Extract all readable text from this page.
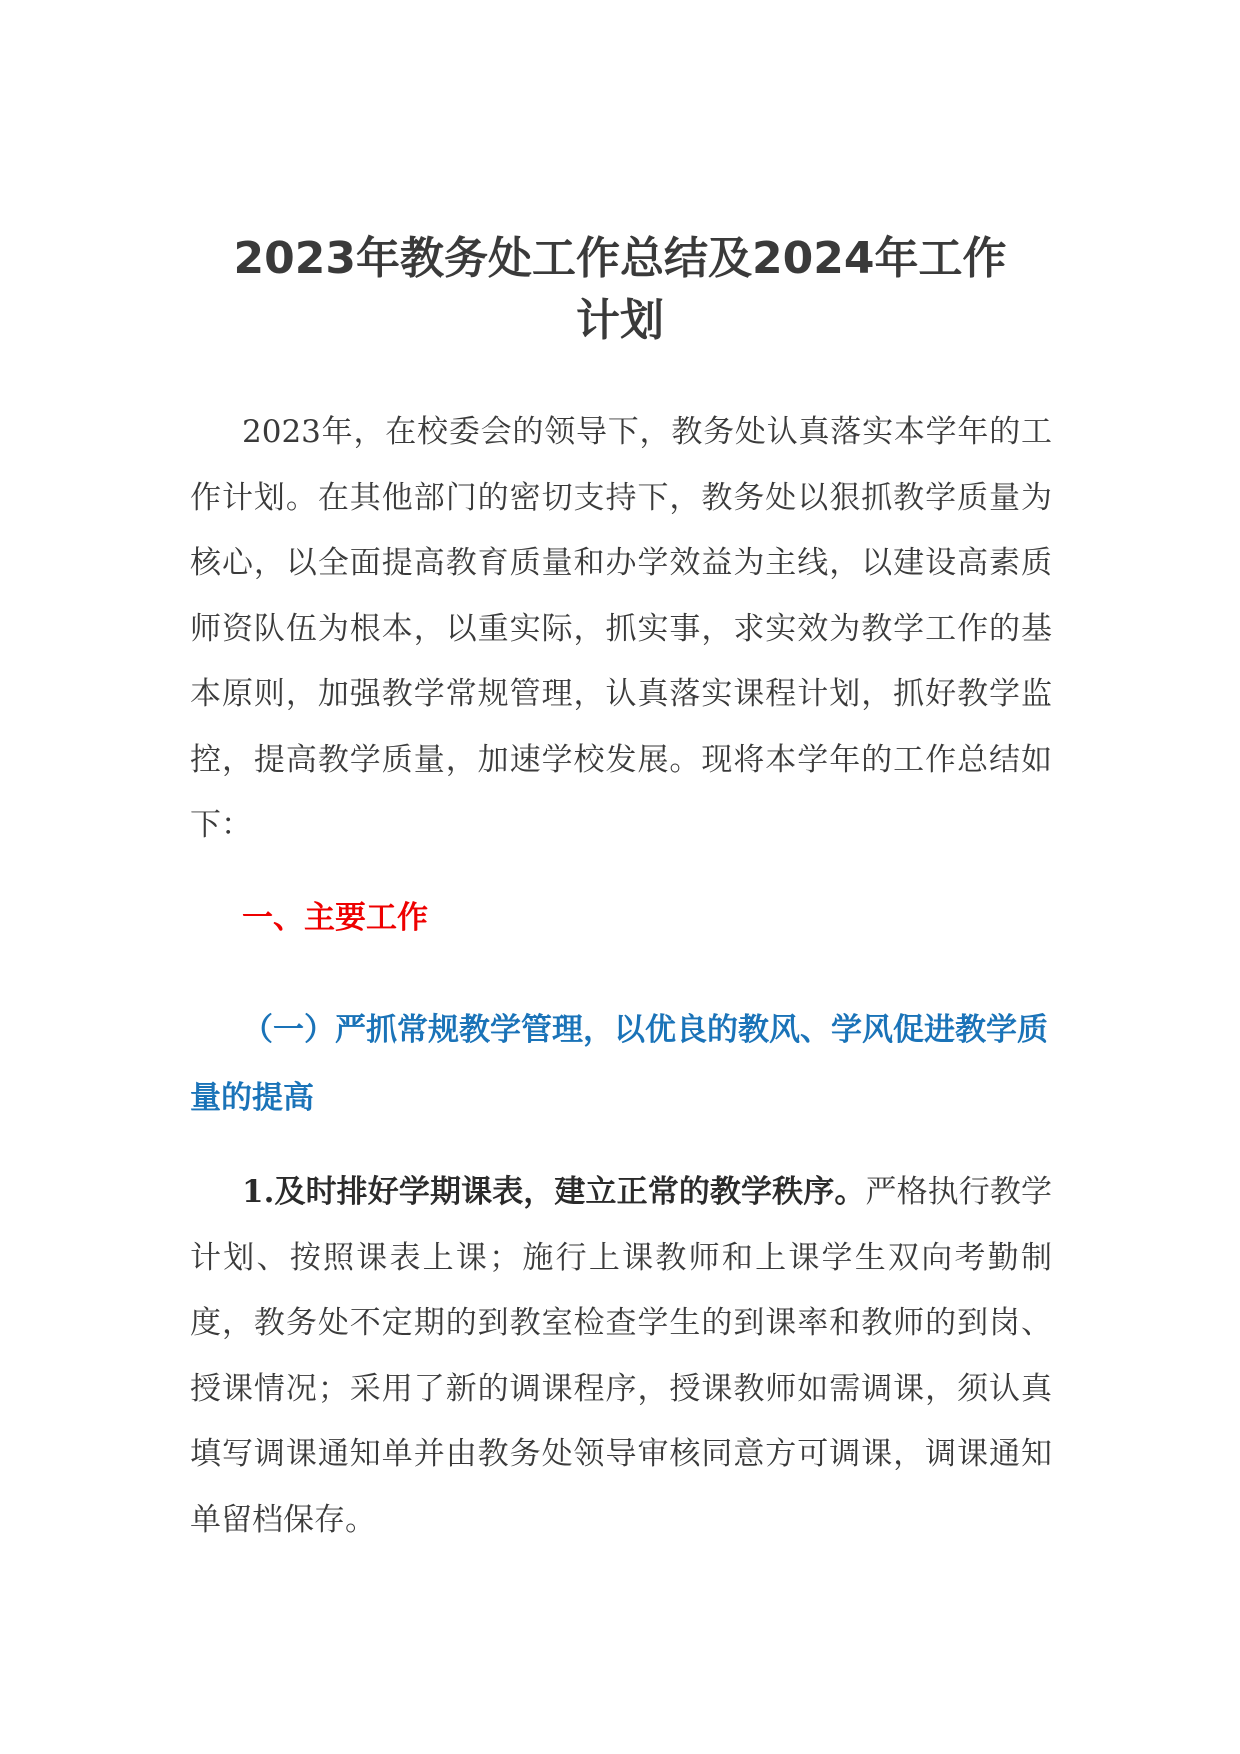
2023年教务处工作总结及2024年工作
计划

2023年，在校委会的领导下，教务处认真落实本学年的工作计划。在其他部门的密切支持下，教务处以狠抓教学质量为核心，以全面提高教育质量和办学效益为主线，以建设高素质师资队伍为根本，以重实际，抓实事，求实效为教学工作的基本原则，加强教学常规管理，认真落实课程计划，抓好教学监控，提高教学质量，加速学校发展。现将本学年的工作总结如下：

一、主要工作
（一）严抓常规教学管理，以优良的教风、学风促进教学质量的提高

1.及时排好学期课表，建立正常的教学秩序。严格执行教学计划、按照课表上课；施行上课教师和上课学生双向考勤制度，教务处不定期的到教室检查学生的到课率和教师的到岗、授课情况；采用了新的调课程序，授课教师如需调课，须认真填写调课通知单并由教务处领导审核同意方可调课，调课通知单留档保存。
